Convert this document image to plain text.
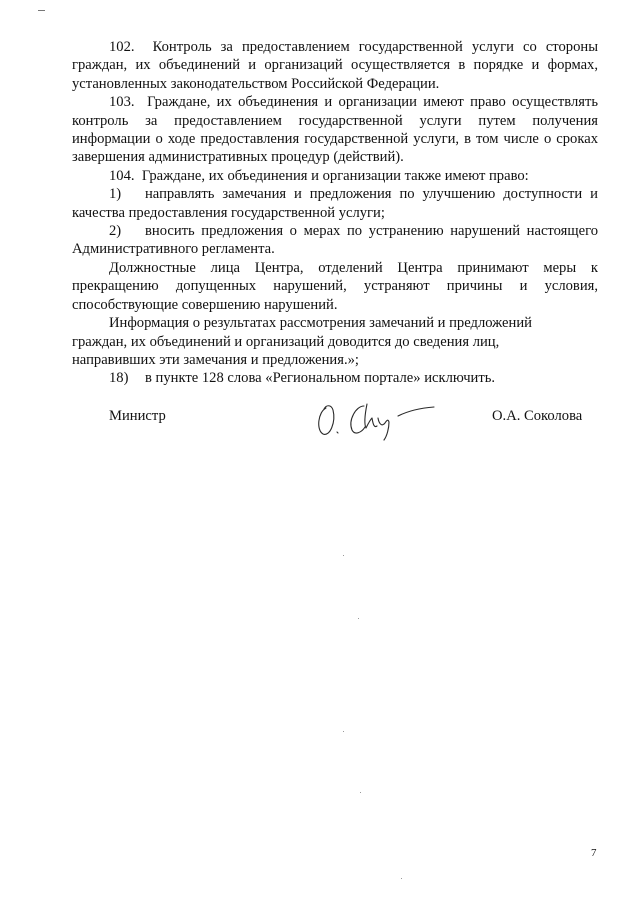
102.  Контроль за предоставлением государственной услуги со стороны граждан, их объединений и организаций осуществляется в порядке и формах, установленных законодательством Российской Федерации.

103.  Граждане, их объединения и организации имеют право осуществлять контроль за предоставлением государственной услуги путем получения информации о ходе предоставления государственной услуги, в том числе о сроках завершения административных процедур (действий).

104.  Граждане, их объединения и организации также имеют право:

1) направлять замечания и предложения по улучшению доступности и качества предоставления государственной услуги;

2) вносить предложения о мерах по устранению нарушений настоящего Административного регламента.

Должностные лица Центра, отделений Центра принимают меры к прекращению допущенных нарушений, устраняют причины и условия, способствующие совершению нарушений.

Информация о результатах рассмотрения замечаний и предложений
граждан, их объединений и организаций доводится до сведения лиц,
направивших эти замечания и предложения.»;

18) в пункте 128 слова «Региональном портале» исключить.

Министр	О.А. Соколова
7
